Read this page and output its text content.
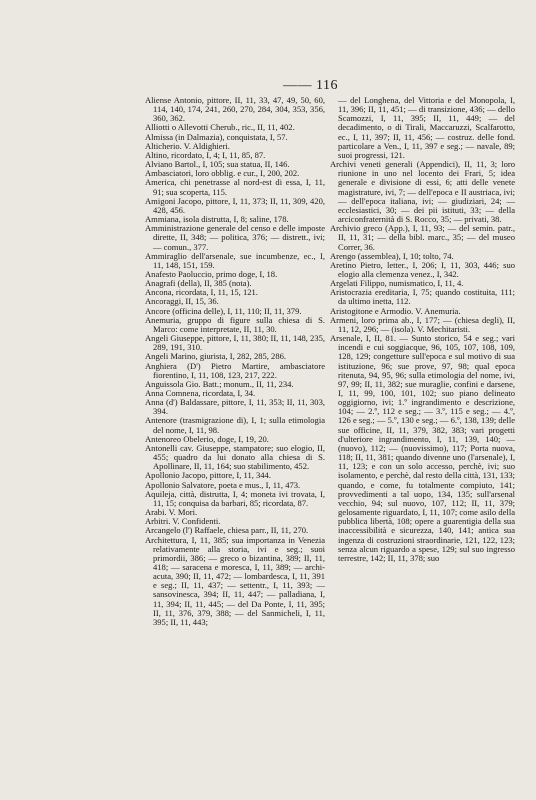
—— 116
Aliense Antonio, pittore, II, 11, 33, 47, 49, 50, 60, 114, 140, 174, 241, 260, 270, 284, 304, 353, 356, 360, 362.
Alliotti o Allevotti Cherub., ric., II, 11, 402.
Almissa (in Dalmazia), conquistata, I, 57.
Alticherio. V. Aldighieri.
Altino, ricordato, I, 4; I, 11, 85, 87.
Alviano Bartol., I, 105; sua statua, II, 146.
Ambasciatori, loro obblig. e cur., I, 200, 202.
America, chi penetrasse al nord-est di essa, I, 11, 91; sua scoperta, 115.
Amigoni Jacopo, pittore, I, 11, 373; II, 11, 309, 420, 428, 456.
Ammiana, isola distrutta, I, 8; saline, 178.
Amministrazione generale del censo e delle imposte dirette, II, 348; — politica, 376; — distrett., ivi; — comun., 377.
Ammiraglio dell'arsenale, sue incumbenze, ec., I, 11, 148, 151, 159.
Anafesto Paoluccio, primo doge, I, 18.
Anagrafi (della), II, 385 (nota).
Ancona, ricordata, I, 11, 15, 121.
Ancoraggi, II, 15, 36.
Ancore (officina delle), I, 11, 110; II, 11, 379.
Anemuria, gruppo di figure sulla chiesa di S. Marco: come interpretate, II, 11, 30.
Angeli Giuseppe, pittore, I, 11, 380; II, 11, 148, 235, 289, 191, 310.
Angeli Marino, giurista, I, 282, 285, 286.
Anghiera (D') Pietro Martire, ambasciatore fiorentino, I, 11, 108, 123, 217, 222.
Anguissola Gio. Batt.; monum., II, 11, 234.
Anna Comnena, ricordata, I, 34.
Anna (d') Baldassare, pittore, I, 11, 353; II, 11, 303, 394.
Antenore (trasmigrazione di), I, 1; sulla etimologia del nome, I, 11, 98.
Antenoreo Obelerio, doge, I, 19, 20.
Antonelli cav. Giuseppe, stampatore; suo elogio, II, 455; quadro da lui donato alla chiesa di S. Apollinare, II, 11, 164; suo stabilimento, 452.
Apollonio Jacopo, pittore, I, 11, 344.
Apollonio Salvatore, poeta e mus., I, 11, 473.
Aquileja, città, distrutta, I, 4; moneta ivi trovata, I, 11, 15; conquisa da barbari, 85; ricordata, 87.
Arabi. V. Mori.
Arbitri. V. Confidenti.
Arcangelo (l') Raffaele, chiesa parr., II, 11, 270.
Architettura, I, 11, 385; sua importanza in Venezia relativamente alla storia, ivi e seg.; suoi primordii, 386; — greco o bizantina, 389; II, 11, 418; — saracena e moresca, I, 11, 389; — archi-acuta, 390; II, 11, 472; — lombardesca, I, 11, 391 e seg.; II, 11, 437; — settentr., I, 11, 393; — sansovinesca, 394; II, 11, 447; — palladiana, I, 11, 394; II, 11, 445; — del Da Ponte, I, 11, 395; II, 11, 376, 379, 388; — del Sanmicheli, I, 11, 395; II, 11, 443;
— del Longhena, del Vittoria e del Monopola, I, 11, 396; II, 11, 451; — di transizione, 436; — dello Scamozzi, I, 11, 395; II, 11, 449; — del decadimento, o di Tirali, Maccaruzzi, Scalfarotto, ec., I, 11, 397; II, 11, 456; — costruz. delle fond. particolare a Ven., I, 11, 397 e seg.; — navale, 89; suoi progressi, 121.
Archivi veneti generali (Appendici), II, 11, 3; loro riunione in uno nel locento dei Frari, 5; idea generale e divisione di essi, 6; atti delle venete magistrature, ivi, 7; — dell'epoca e II austriaca, ivi; — dell'epoca italiana, ivi; — giudiziari, 24; — ecclesiastici, 30; — dei pii istituti, 33; — della arciconfraternità di S. Rocco, 35; — privati, 38.
Archivio greco (App.), I, 11, 93; — del semin. patr., II, 11, 31; — della bibl. marc., 35; — del museo Correr, 36.
Arengo (assemblea), I, 10; tolto, 74.
Aretino Pietro, letter., I, 206; I, 11, 303, 446; suo elogio alla clemenza venez., I, 342.
Argelati Filippo, numismatico, I, 11, 4.
Aristocrazia ereditaria, I, 75; quando costituita, 111; da ultimo inetta, 112.
Aristogitone e Armodio. V. Anemuria.
Armeni, loro prima ab., I, 177; — (chiesa degli), II, 11, 12, 296; — (isola). V. Mechitaristi.
Arsenale, I, II, 81. — Sunto storico, 54 e seg.; vari incendi e cui soggiacque, 96, 105, 107, 108, 109, 128, 129; congetture sull'epoca e sul motivo di sua istituzione, 96; sue prove, 97, 98; qual epoca ritenuta, 94, 95, 96; sulla etimologia del nome, ivi, 97, 99; II, 11, 382; sue muraglie, confini e darsene, I, 11, 99, 100, 101, 102; suo piano delineato oggigiorno, ivi; 1.º ingrandimento e descrizione, 104; — 2.º, 112 e seg.; — 3.º, 115 e seg.; — 4.º, 126 e seg.; — 5.º, 130 e seg.; — 6.º, 138, 139; delle sue officine, II, 11, 379, 382, 383; vari progetti d'ulteriore ingrandimento, I, 11, 139, 140; — (nuovo), 112; — (nuovissimo), 117; Porta nuova, 118; II, 11, 381; quando divenne uno (l'arsenale), I, 11, 123; e con un solo accesso, perchè, ivi; suo isolamento, e perchè, dal resto della città, 131, 133; quando, e come, fu totalmente compiuto, 141; provvedimenti a tal uopo, 134, 135; sull'arsenal vecchio, 94; sul nuovo, 107, 112; II, 11, 379; gelosamente riguardato, I, 11, 107; come asilo della pubblica libertà, 108; opere a guarentigia della sua inaccessibilità e sicurezza, 140, 141; antica sua ingenza di costruzioni straordinarie, 121, 122, 123; senza alcun riguardo a spese, 129; sul suo ingresso terrestre, 142; II, 11, 378; suo
